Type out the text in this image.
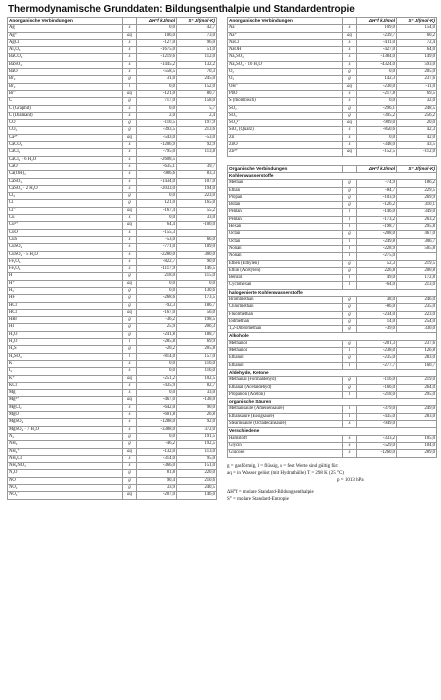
Thermodynamische Grunddaten: Bildungsenthalpie und Standardentropie
Anorganische Verbindungen		ΔH°f kJ/mol	S° J/(mol·K)
Ag	s	0,0	42,7
Ag⁺	aq	106,0	73,0
AgCl	s	-127,0	96,0
Al₂O₃	s	-1675,0	51,0
BaCO₃	s	-1219,6	112,0
BaSO₄	s	-1445,2	132,2
BaO	s	-558,5	70,3
Br₂	g	31,0	245,0
Br₂	l	0,0	152,0
Br⁻	aq	-121,0	80,7
C	g	717,0	158,0
C (Graphit)	s	0,0	5,7
C (Diamant)	s	2,0	2,4
CO	g	-110,5	197,9
CO₂	g	-393,5	213,6
Ca²⁺	aq	-543,0	-53,0
CaCO₃	s	-1206,9	92,9
CaCl₂	s	-795,0	113,8
CaCl₂ · 6 H₂O	s	-2608,5	
CaO	s	-635,1	39,7
Ca(OH)₂	s	-986,6	83,3
CaSO₄	s	-1434,0	107,0
CaSO₄ · 2 H₂O	s	-2033,0	194,0
Cl₂	g	0,0	223,0
Cl	g	121,0	165,0
Cl⁻	aq	-167,4	55,2
Cu	s	0,0	33,0
Cu²⁺	aq	64,4	-100,0
CuO	s	-155,3	
CuS	s	-53,0	66,0
CuSO₄	s	-771,0	109,0
CuSO₄ · 5 H₂O	s	-2280,0	300,0
Fe₂O₃	s	-822,7	90,0
Fe₃O₄	s	-1117,9	146,5
H	g	218,0	115,0
H⁺	aq	0,0	0,0
H₂	g	0,0	130,6
HF	g	-268,6	173,5
HCl	g	-92,3	186,7
HCl	aq	-167,0	56,0
HBr	g	-36,2	198,5
HI	g	25,9	206,3
H₂O	g	-241,8	188,7
H₂O	l	-285,8	69,9
H₂S	g	-20,2	205,8
H₂SO₄	l	-814,0	157,0
K	s	0,0	116,0
I₂	s	0,0	116,0
K⁺	aq	-251,2	102,5
KCl	s	-435,9	82,7
Mg	s	0,0	33,0
Mg²⁺	aq	-467,0	-138,0
MgCl₂	s	-642,0	90,0
MgO	s	-601,8	26,8
MgSO₄	s	-1288,0	92,0
MgSO₄ · 7 H₂O	s	-3388,0	372,0
N₂	g	0,0	191,5
NH₃	g	-46,2	192,5
NH₄⁺	aq	-132,0	113,0
NH₄Cl	s	-314,0	95,0
NH₄NO₃	s	-366,0	151,0
N₂O	g	81,8	220,0
NO	g	90,4	210,6
NO₂	g	33,9	240,5
NO₃⁻	aq	-207,0	146,0
Anorganische Verbindungen		ΔH°f kJ/mol	S° J/(mol·K)
Na	s	109,0	154,0
Na⁺	aq	-239,7	60,2
NaCl	s	-411,0	72,4
NaOH	s	-427,0	64,0
Na₂SO₄	s	-1384,0	149,0
Na₂SO₄ · 10 H₂O	s	-4324,0	593,0
O₂	g	0,0	205,0
O₃	g	142,3	237,6
OH⁻	aq	-230,0	-11,0
PbO	s	-217,8	69,5
S (rhombisch)	s	0,0	32,0
SO₂	g	-296,1	248,5
SO₃	g	-395,2	256,2
SO₄²⁻	aq	-909,0	20,0
SiO₂ (Quarz)	s	-850,6	42,3
Zn	s	0,0	42,0
ZnO	s	-348,0	43,5
Zn²⁺	aq	-152,5	-112,0
Organische Verbindungen		ΔH°f kJ/mol	S° J/(mol·K)
Kohlenwasserstoffe			
Methan	g	-74,9	186,2
Ethan	g	-84,7	229,5
Propan	g	-103,9	269,9
Butan	g	-126,2	310,1
Pentan	l	-146,0	349,0
Pentan	l	-173,2	263,2
Hexan	l	-198,7	295,8
Octan	g	-208,0	467,0
Octan	l	-249,8	306,7
Nonan	l	-228,9	505,8
Nonan	l	-275,0	
Ethen (Ethylen)	g	52,3	219,5
Ethin (Acetylen)	g	226,8	200,8
Benzol	l	49,0	172,8
Cyclohexan	l	-64,0	213,0
halogenierte Kohlenwasserstoffe			
Brommethan	g	38,0	246,0
Chlormethan	g	-86,0	235,0
Fluormethan	g	-234,0	223,0
Iodmethan	g	14,0	254,0
1,2-Dibromethan	g	-39,0	330,0
Alkohole			
Methanol	g	-201,3	237,6
Methanol	l	-238,0	126,8
Ethanol	g	-235,0	283,0
Ethanol	l	-277,7	160,7
Aldehyde, Ketone			
Methanal (Formaldehyd)	g	-116,0	219,0
Ethanal (Acetaldehyd)	g	-166,0	264,0
Propanon (Aceton)	l	-218,0	295,0
organische Säuren			
Methansäure (Ameisensäure)	l	-379,0	249,0
Ethansäure (Essigsäure)	l	-435,0	283,0
Stearinsäure (Octadecansäure)	s	-949,0	
Verschiedene			
Harnstoff	s	-333,2	105,0
Glycin	s	-529,0	104,0
Glucose	s	-1260,0	289,0

g = gasförmig, l = flüssig, s = fest Werte sind gültig für:

aq = in Wasser gelöst (mit Hydrathülle) T = 298 K (25 °C)

p = 1013 hPa

ΔH°f = molare Standard-Bildungsenthalpie

S° = molare Standard-Entropie
